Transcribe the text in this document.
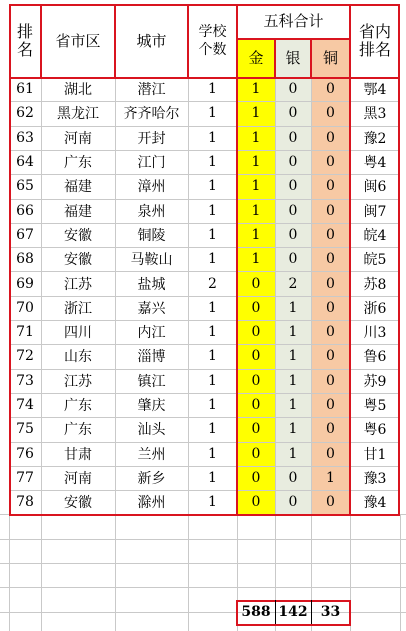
排
名	省市区	城市	学校
个数
五科合计
金	银	铜
省内
排名
61	湖北	潜江	1	1	0	0	鄂4
62	黑龙江	齐齐哈尔	1	1	0	0	黑3
63	河南	开封	1	1	0	0	豫2
64	广东	江门	1	1	0	0	粤4
65	福建	漳州	1	1	0	0	闽6
66	福建	泉州	1	1	0	0	闽7
67	安徽	铜陵	1	1	0	0	皖4
68	安徽	马鞍山	1	1	0	0	皖5
69	江苏	盐城	2	0	2	0	苏8
70	浙江	嘉兴	1	0	1	0	浙6
71	四川	内江	1	0	1	0	川3
72	山东	淄博	1	0	1	0	鲁6
73	江苏	镇江	1	0	1	0	苏9
74	广东	肇庆	1	0	1	0	粤5
75	广东	汕头	1	0	1	0	粤6
76	甘肃	兰州	1	0	1	0	甘1
77	河南	新乡	1	0	0	1	豫3
78	安徽	滁州	1	0	0	0	豫4
588 142 33
